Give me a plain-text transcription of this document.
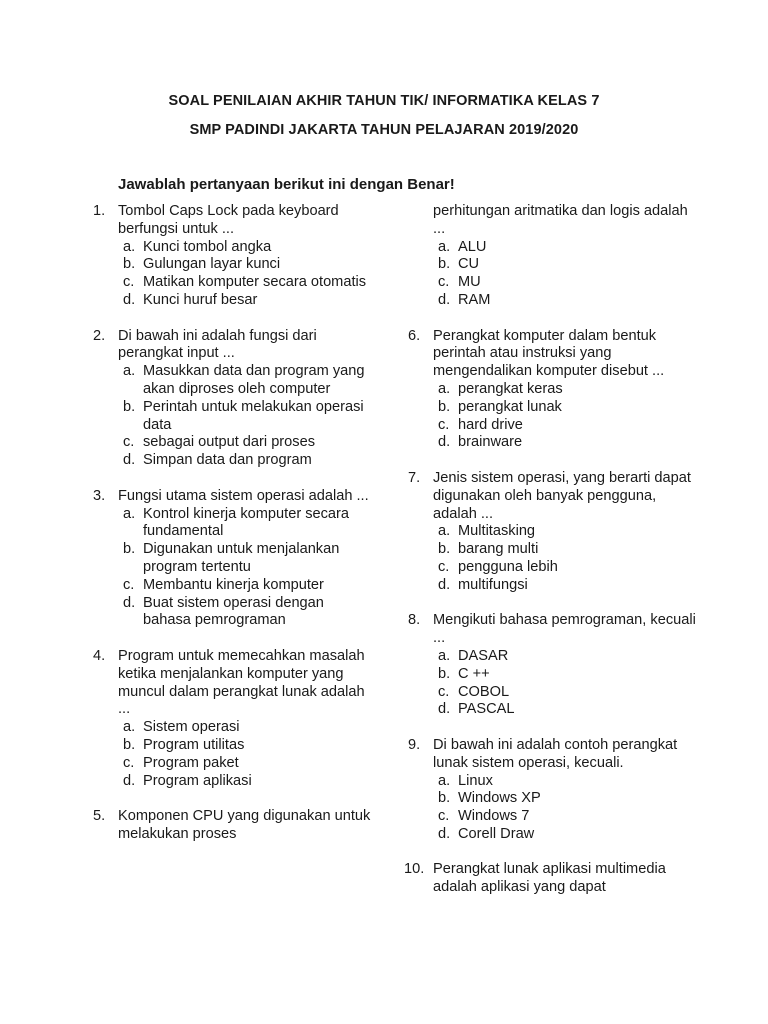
SOAL PENILAIAN AKHIR TAHUN TIK/ INFORMATIKA KELAS 7
SMP PADINDI JAKARTA TAHUN PELAJARAN 2019/2020
Jawablah pertanyaan berikut ini dengan Benar!
1. Tombol Caps Lock pada keyboard berfungsi untuk ...
a. Kunci tombol angka
b. Gulungan layar kunci
c. Matikan komputer secara otomatis
d. Kunci huruf besar
2. Di bawah ini adalah fungsi dari perangkat input ...
a. Masukkan data dan program yang akan diproses oleh computer
b. Perintah untuk melakukan operasi data
c. sebagai output dari proses
d. Simpan data dan program
3. Fungsi utama sistem operasi adalah ...
a. Kontrol kinerja komputer secara fundamental
b. Digunakan untuk menjalankan program tertentu
c. Membantu kinerja komputer
d. Buat sistem operasi dengan bahasa pemrograman
4. Program untuk memecahkan masalah ketika menjalankan komputer yang muncul dalam perangkat lunak adalah ...
a. Sistem operasi
b. Program utilitas
c. Program paket
d. Program aplikasi
5. Komponen CPU yang digunakan untuk melakukan proses
perhitungan aritmatika dan logis adalah ...
a. ALU
b. CU
c. MU
d. RAM
6. Perangkat komputer dalam bentuk perintah atau instruksi yang mengendalikan komputer disebut ...
a. perangkat keras
b. perangkat lunak
c. hard drive
d. brainware
7. Jenis sistem operasi, yang berarti dapat digunakan oleh banyak pengguna, adalah ...
a. Multitasking
b. barang multi
c. pengguna lebih
d. multifungsi
8. Mengikuti bahasa pemrograman, kecuali ...
a. DASAR
b. C ++
c. COBOL
d. PASCAL
9. Di bawah ini adalah contoh perangkat lunak sistem operasi, kecuali.
a. Linux
b. Windows XP
c. Windows 7
d. Corell Draw
10. Perangkat lunak aplikasi multimedia adalah aplikasi yang dapat
